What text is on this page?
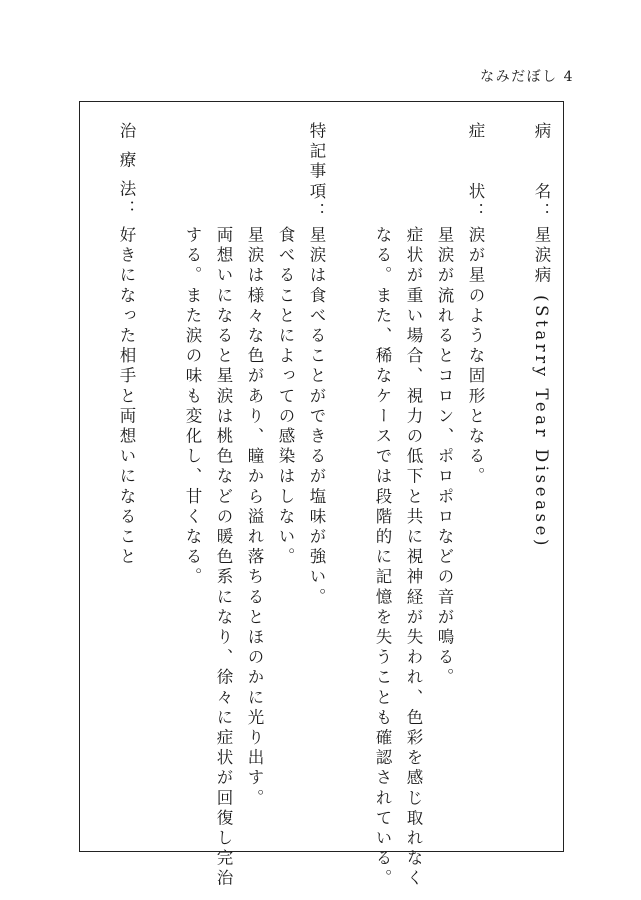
なみだぼし 4
病　　名：星涙病 (Starry Tear Disease)
症　　状：涙が星のような固形となる。
星涙が流れるとコロン、ポロポロなどの音が鳴る。
症状が重い場合、視力の低下と共に視神経が失われ、色彩を感じ取れなく
なる。また、稀なケースでは段階的に記憶を失うことも確認されている。
特記事項：星涙は食べることができるが塩味が強い。
食べることによっての感染はしない。
星涙は様々な色があり、瞳から溢れ落ちるとほのかに光り出す。
両想いになると星涙は桃色などの暖色系になり、徐々に症状が回復し完治
する。また涙の味も変化し、甘くなる。
治 療 法：好きになった相手と両想いになること
